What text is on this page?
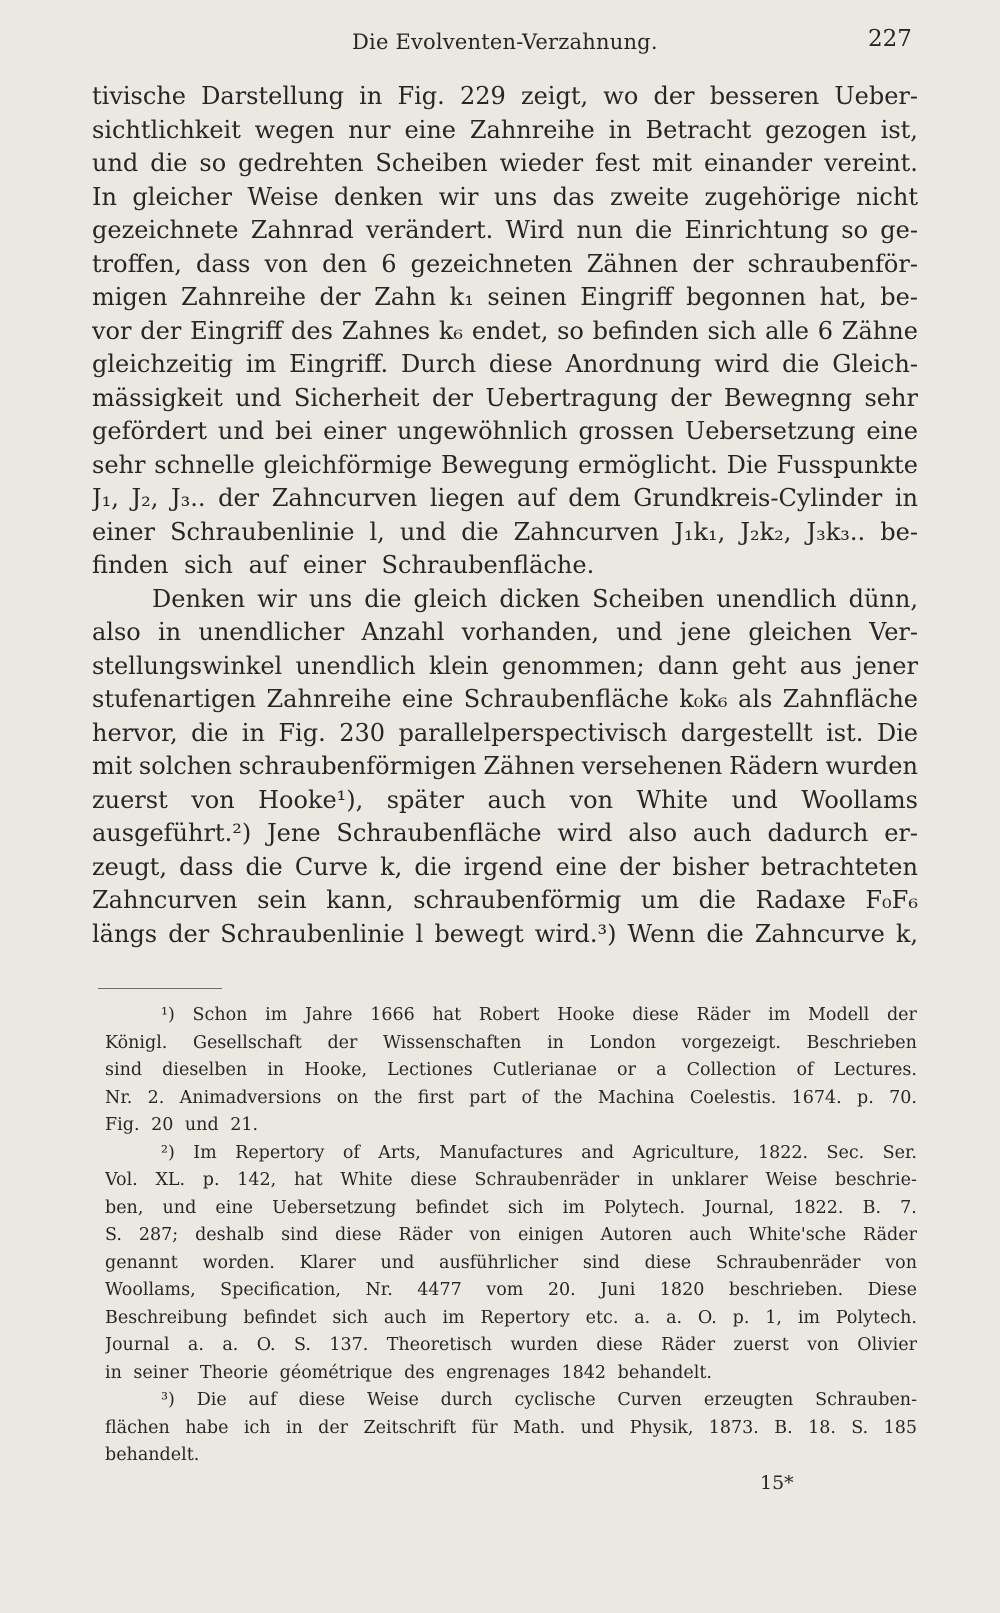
Die Evolventen-Verzahnung.	227
tivische Darstellung in Fig. 229 zeigt, wo der besseren Ueber-
sichtlichkeit wegen nur eine Zahnreihe in Betracht gezogen ist,
und die so gedrehten Scheiben wieder fest mit einander vereint.
In gleicher Weise denken wir uns das zweite zugehörige nicht
gezeichnete Zahnrad verändert. Wird nun die Einrichtung so ge-
troffen, dass von den 6 gezeichneten Zähnen der schraubenför-
migen Zahnreihe der Zahn k₁ seinen Eingriff begonnen hat, be-
vor der Eingriff des Zahnes k₆ endet, so befinden sich alle 6 Zähne
gleichzeitig im Eingriff. Durch diese Anordnung wird die Gleich-
mässigkeit und Sicherheit der Uebertragung der Bewegnng sehr
gefördert und bei einer ungewöhnlich grossen Uebersetzung eine
sehr schnelle gleichförmige Bewegung ermöglicht. Die Fusspunkte
J₁, J₂, J₃.. der Zahncurven liegen auf dem Grundkreis-Cylinder in
einer Schraubenlinie l, und die Zahncurven J₁k₁, J₂k₂, J₃k₃.. be-
finden sich auf einer Schraubenfläche.
Denken wir uns die gleich dicken Scheiben unendlich dünn,
also in unendlicher Anzahl vorhanden, und jene gleichen Ver-
stellungswinkel unendlich klein genommen; dann geht aus jener
stufenartigen Zahnreihe eine Schraubenfläche k₀k₆ als Zahnfläche
hervor, die in Fig. 230 parallelperspectivisch dargestellt ist. Die
mit solchen schraubenförmigen Zähnen versehenen Rädern wurden
zuerst von Hooke¹), später auch von White und Woollams
ausgeführt.²) Jene Schraubenfläche wird also auch dadurch er-
zeugt, dass die Curve k, die irgend eine der bisher betrachteten
Zahncurven sein kann, schraubenförmig um die Radaxe F₀F₆
längs der Schraubenlinie l bewegt wird.³) Wenn die Zahncurve k,
¹) Schon im Jahre 1666 hat Robert Hooke diese Räder im Modell der
Königl. Gesellschaft der Wissenschaften in London vorgezeigt. Beschrieben
sind dieselben in Hooke, Lectiones Cutlerianae or a Collection of Lectures.
Nr. 2. Animadversions on the first part of the Machina Coelestis. 1674. p. 70.
Fig. 20 und 21.
²) Im Repertory of Arts, Manufactures and Agriculture, 1822. Sec. Ser.
Vol. XL. p. 142, hat White diese Schraubenräder in unklarer Weise beschrie-
ben, und eine Uebersetzung befindet sich im Polytech. Journal, 1822. B. 7.
S. 287; deshalb sind diese Räder von einigen Autoren auch White'sche Räder
genannt worden. Klarer und ausführlicher sind diese Schraubenräder von
Woollams, Specification, Nr. 4477 vom 20. Juni 1820 beschrieben. Diese
Beschreibung befindet sich auch im Repertory etc. a. a. O. p. 1, im Polytech.
Journal a. a. O. S. 137. Theoretisch wurden diese Räder zuerst von Olivier
in seiner Theorie géométrique des engrenages 1842 behandelt.
³) Die auf diese Weise durch cyclische Curven erzeugten Schrauben-
flächen habe ich in der Zeitschrift für Math. und Physik, 1873. B. 18. S. 185
behandelt.
15*
